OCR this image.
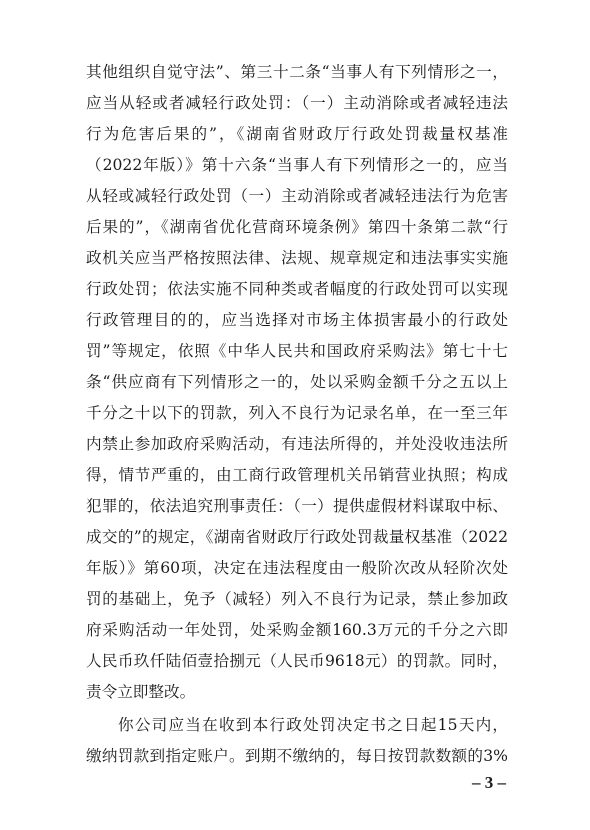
其他组织自觉守法”、第三十二条“当事人有下列情形之一，
应当从轻或者减轻行政处罚：（一）主动消除或者减轻违法
行为危害后果的”，《湖南省财政厅行政处罚裁量权基准
（2022年版）》第十六条“当事人有下列情形之一的，应当
从轻或减轻行政处罚（一）主动消除或者减轻违法行为危害
后果的”，《湖南省优化营商环境条例》第四十条第二款“行
政机关应当严格按照法律、法规、规章规定和违法事实实施
行政处罚；依法实施不同种类或者幅度的行政处罚可以实现
行政管理目的的，应当选择对市场主体损害最小的行政处
罚”等规定，依照《中华人民共和国政府采购法》第七十七
条“供应商有下列情形之一的，处以采购金额千分之五以上
千分之十以下的罚款，列入不良行为记录名单，在一至三年
内禁止参加政府采购活动，有违法所得的，并处没收违法所
得，情节严重的，由工商行政管理机关吊销营业执照；构成
犯罪的，依法追究刑事责任：（一）提供虚假材料谋取中标、
成交的”的规定，《湖南省财政厅行政处罚裁量权基准（2022
年版）》第60项，决定在违法程度由一般阶次改从轻阶次处
罚的基础上，免予（减轻）列入不良行为记录，禁止参加政
府采购活动一年处罚，处采购金额160.3万元的千分之六即
人民币玖仟陆佰壹拾捌元（人民币9618元）的罚款。同时，
责令立即整改。
你公司应当在收到本行政处罚决定书之日起15天内，
缴纳罚款到指定账户。到期不缴纳的，每日按罚款数额的3%
– 3 –
